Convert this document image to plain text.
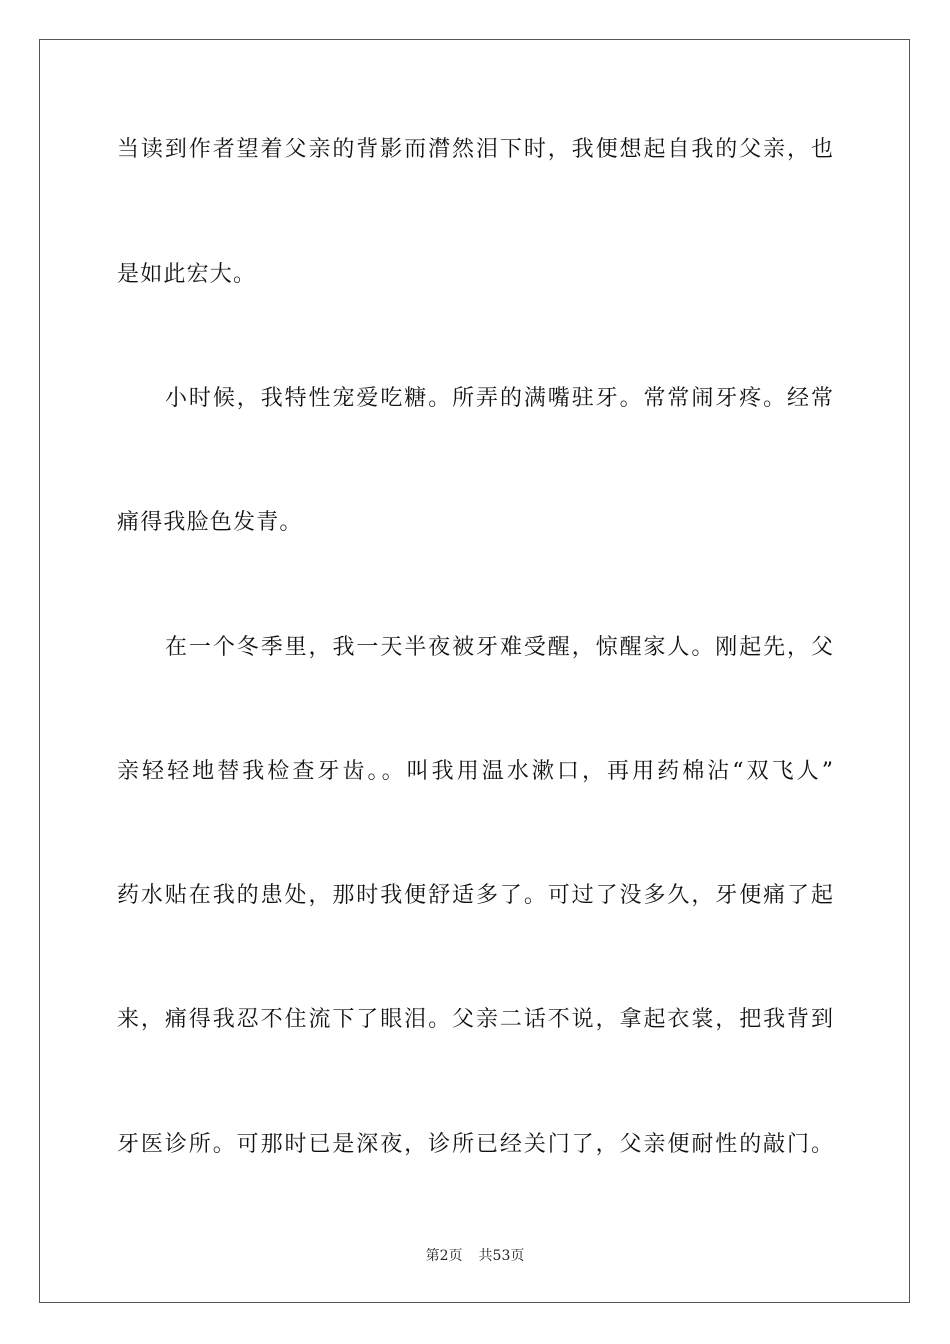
当读到作者望着父亲的背影而潸然泪下时，我便想起自我的父亲，也
是如此宏大。
小时候，我特性宠爱吃糖。所弄的满嘴驻牙。常常闹牙疼。经常
痛得我脸色发青。
在一个冬季里，我一天半夜被牙难受醒，惊醒家人。刚起先，父
亲轻轻地替我检查牙齿。。叫我用温水漱口，再用药棉沾“双飞人”
药水贴在我的患处，那时我便舒适多了。可过了没多久，牙便痛了起
来，痛得我忍不住流下了眼泪。父亲二话不说，拿起衣裳，把我背到
牙医诊所。可那时已是深夜，诊所已经关门了，父亲便耐性的敲门。
第2页 共53页
